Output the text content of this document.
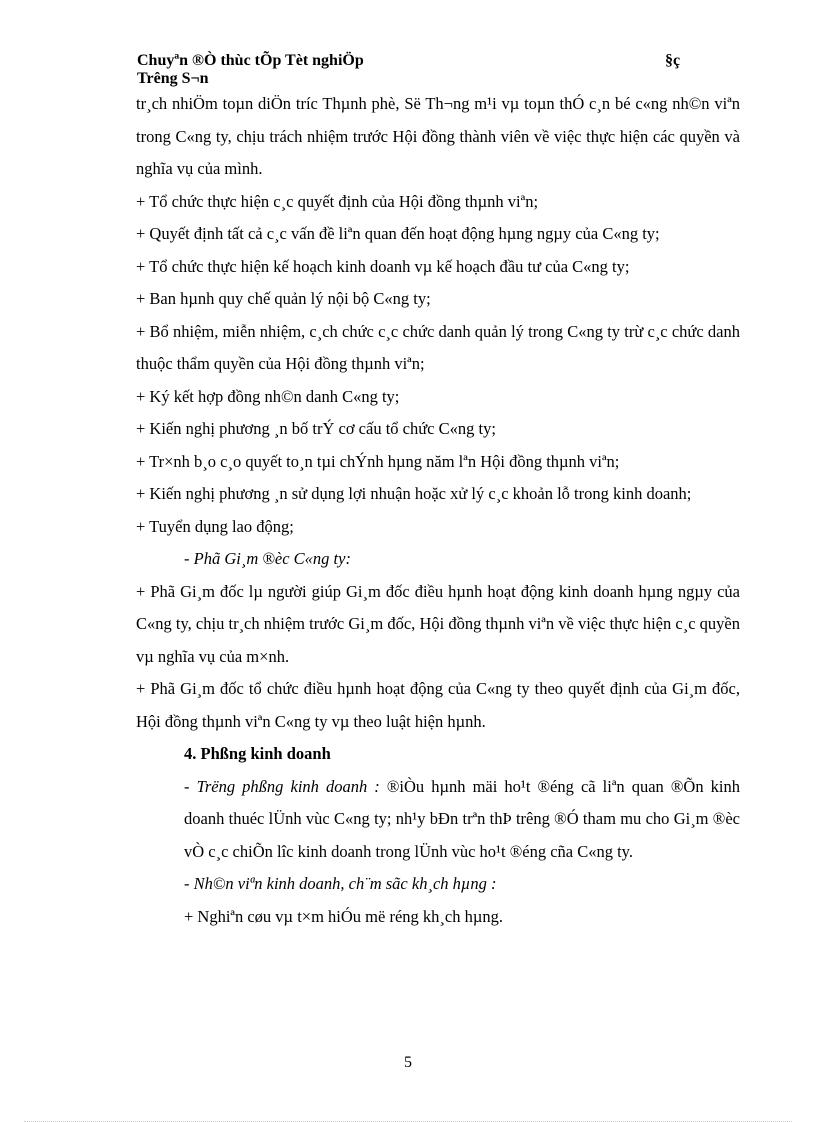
Chuyªn ®Ò thùc tÕp Tèt nghiÖp	§ç
Trêng S¬n

tr¸ch nhiÖm toµn diÖn tríc Thµnh phè, Së Th¬ng m¹i vµ toµn thÓ c¸n bé c«ng nh©n viªn trong C«ng ty, chịu trách nhiệm trước Hội đồng thành viên về việc thực hiện các quyền và nghĩa vụ của mình.

+ Tổ chức thực hiện c¸c quyết định của Hội đồng thµnh viªn;

+ Quyết định tất cả c¸c vấn đề liªn quan đến hoạt động hµng ngµy của C«ng ty;

+ Tổ chức thực hiện kế hoạch kinh doanh vµ kế hoạch đầu tư của C«ng ty;

+ Ban hµnh quy chế quản lý nội bộ C«ng ty;

+ Bổ nhiệm, miễn nhiệm, c¸ch chức c¸c chức danh quản lý trong C«ng ty trừ c¸c chức danh thuộc thẩm quyền của Hội đồng thµnh viªn;

+ Ký kết hợp đồng nh©n danh C«ng ty;

+ Kiến nghị phương ¸n bố trÝ cơ cấu tổ chức C«ng ty;

+ Tr×nh b¸o c¸o quyết to¸n tµi chÝnh hµng năm lªn Hội đồng thµnh viªn;

+ Kiến nghị phương ¸n sử dụng lợi nhuận hoặc xử lý c¸c khoản lỗ trong kinh doanh;

+ Tuyển dụng lao động;

- Phã Gi¸m ®èc C«ng ty:

+ Phã Gi¸m đốc lµ người giúp Gi¸m đốc điều hµnh hoạt động kinh doanh hµng ngµy của C«ng ty, chịu tr¸ch nhiệm trước Gi¸m đốc, Hội đồng thµnh viªn về việc thực hiện c¸c quyền vµ nghĩa vụ của m×nh.

+ Phã Gi¸m đốc tổ chức điều hµnh hoạt động của C«ng ty theo quyết định của Gi¸m đốc, Hội đồng thµnh viªn C«ng ty vµ theo luật hiện hµnh.

4. Phßng kinh doanh

- Trëng phßng kinh doanh : ®iÒu hµnh mäi ho¹t ®éng cã liªn quan ®Õn kinh doanh thuéc lÜnh vùc C«ng ty; nh¹y bÐn trªn thÞ trêng ®Ó tham mu cho Gi¸m ®èc vÒ c¸c chiÕn lîc kinh doanh trong lÜnh vùc ho¹t ®éng cña C«ng ty.

- Nh©n viªn kinh doanh, ch¨m sãc kh¸ch hµng :

+ Nghiªn cøu vµ t×m hiÓu më réng kh¸ch hµng.

5
